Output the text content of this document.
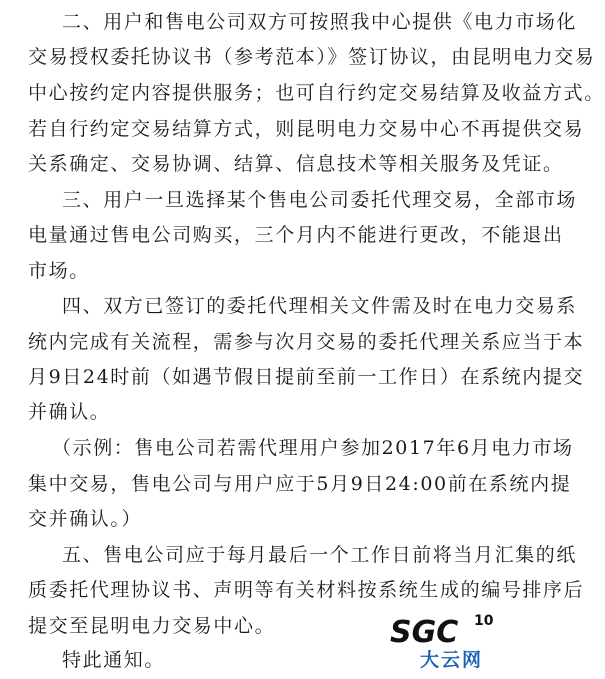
二、用户和售电公司双方可按照我中心提供《电力市场化
交易授权委托协议书（参考范本）》签订协议，由昆明电力交易
中心按约定内容提供服务；也可自行约定交易结算及收益方式。
若自行约定交易结算方式，则昆明电力交易中心不再提供交易
关系确定、交易协调、结算、信息技术等相关服务及凭证。
三、用户一旦选择某个售电公司委托代理交易，全部市场
电量通过售电公司购买，三个月内不能进行更改，不能退出
市场。
四、双方已签订的委托代理相关文件需及时在电力交易系
统内完成有关流程，需参与次月交易的委托代理关系应当于本
月9日24时前（如遇节假日提前至前一工作日）在系统内提交
并确认。
（示例：售电公司若需代理用户参加2017年6月电力市场
集中交易，售电公司与用户应于5月9日24:00前在系统内提
交并确认。）
五、售电公司应于每月最后一个工作日前将当月汇集的纸
质委托代理协议书、声明等有关材料按系统生成的编号排序后
提交至昆明电力交易中心。
特此通知。
SGC 10
大云网
